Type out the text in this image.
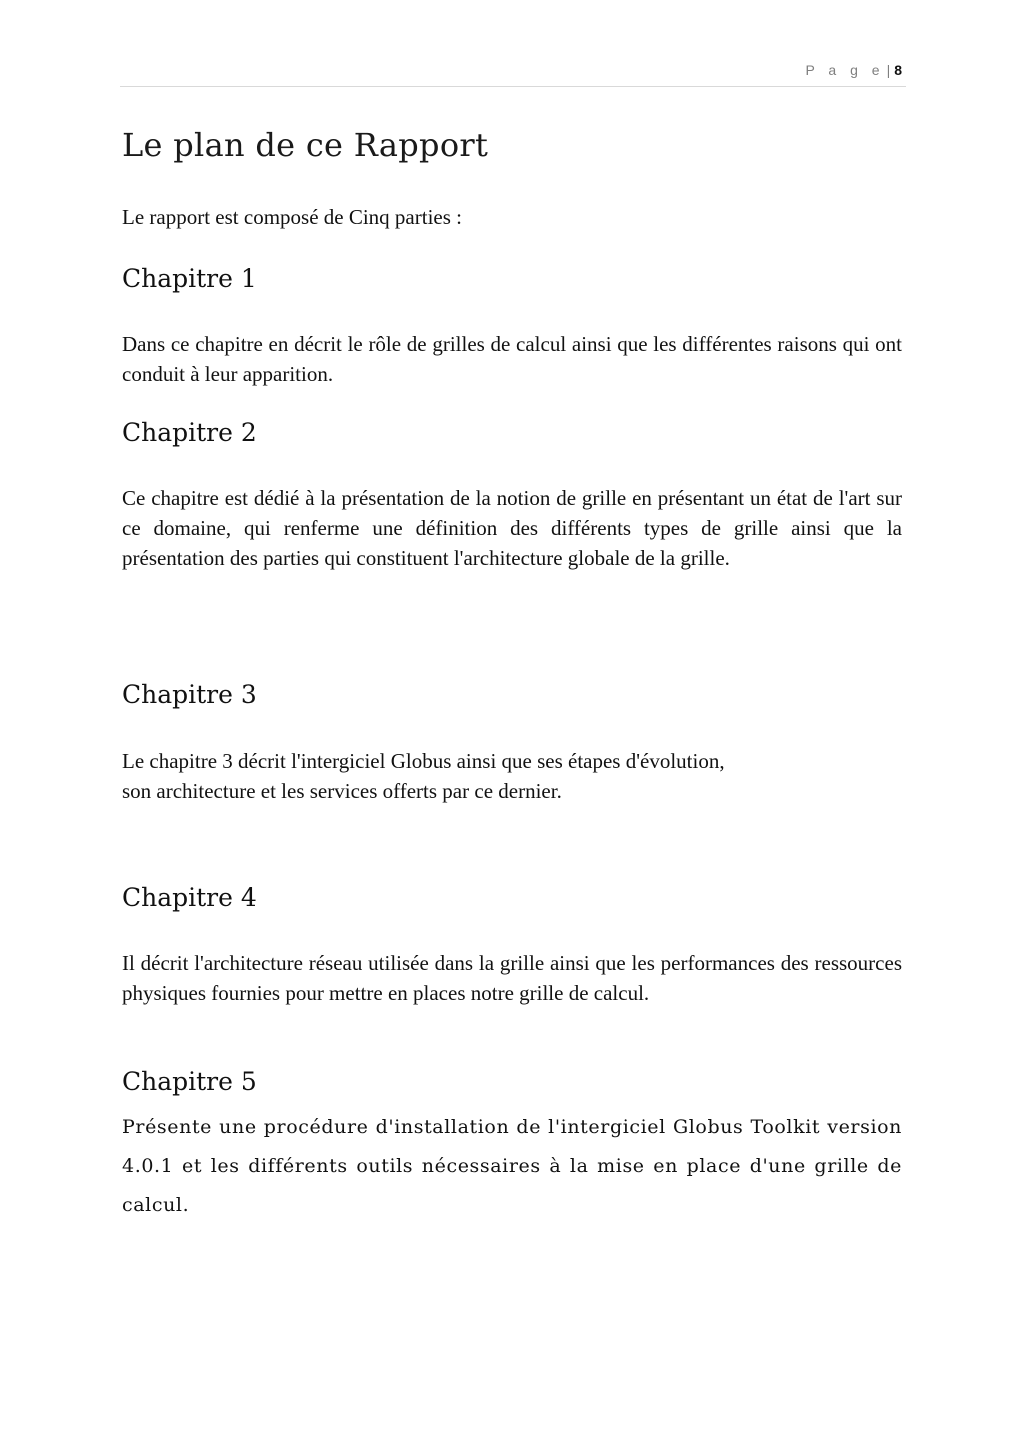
P a g e | 8
Le plan de ce Rapport

Le rapport est composé de Cinq parties :

Chapitre 1

Dans ce chapitre en décrit le rôle de grilles de calcul ainsi que les différentes raisons qui ont conduit à leur apparition.

Chapitre 2

Ce chapitre est dédié à la présentation de la notion de grille en présentant un état de l'art sur ce domaine, qui renferme une définition des différents types de grille ainsi que la présentation des parties qui constituent l'architecture globale de la grille.

Chapitre 3

Le chapitre 3 décrit l'intergiciel Globus ainsi que ses étapes d'évolution,
son architecture et les services offerts par ce dernier.

Chapitre 4

Il décrit l'architecture réseau utilisée dans la grille ainsi que les performances des ressources physiques fournies pour mettre en places notre grille de calcul.

Chapitre 5

Présente une procédure d'installation de l'intergiciel Globus Toolkit version 4.0.1 et les différents outils nécessaires à la mise en place d'une grille de calcul.
